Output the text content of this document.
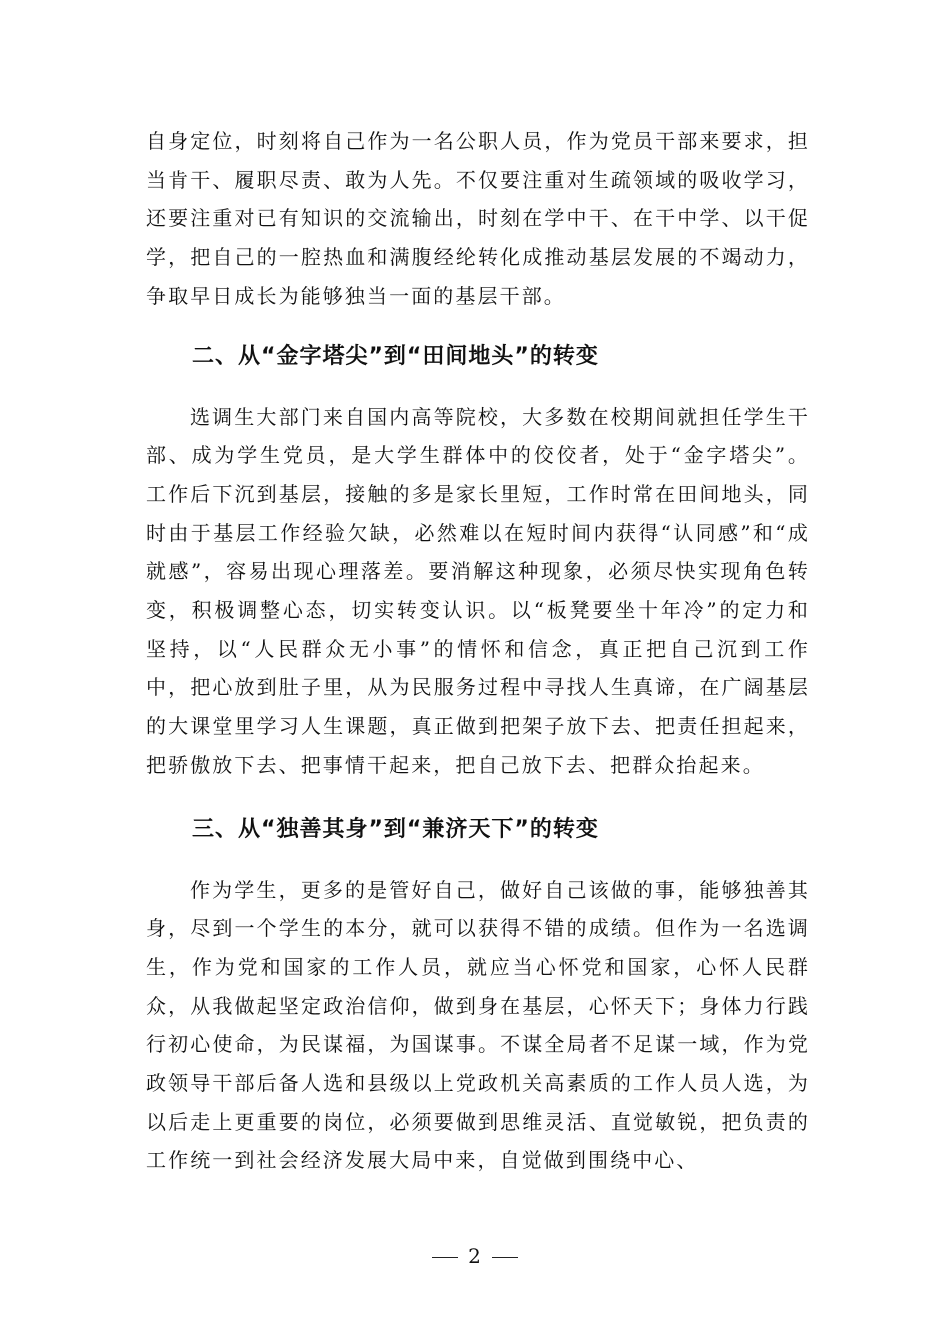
自身定位，时刻将自己作为一名公职人员，作为党员干部来要求，担当肯干、履职尽责、敢为人先。不仅要注重对生疏领域的吸收学习，还要注重对已有知识的交流输出，时刻在学中干、在干中学、以干促学，把自己的一腔热血和满腹经纶转化成推动基层发展的不竭动力，争取早日成长为能够独当一面的基层干部。

二、从“金字塔尖”到“田间地头”的转变

选调生大部门来自国内高等院校，大多数在校期间就担任学生干部、成为学生党员，是大学生群体中的佼佼者，处于“金字塔尖”。工作后下沉到基层，接触的多是家长里短，工作时常在田间地头，同时由于基层工作经验欠缺，必然难以在短时间内获得“认同感”和“成就感”，容易出现心理落差。要消解这种现象，必须尽快实现角色转变，积极调整心态，切实转变认识。以“板凳要坐十年冷”的定力和坚持，以“人民群众无小事”的情怀和信念，真正把自己沉到工作中，把心放到肚子里，从为民服务过程中寻找人生真谛，在广阔基层的大课堂里学习人生课题，真正做到把架子放下去、把责任担起来，把骄傲放下去、把事情干起来，把自己放下去、把群众抬起来。

三、从“独善其身”到“兼济天下”的转变

作为学生，更多的是管好自己，做好自己该做的事，能够独善其身，尽到一个学生的本分，就可以获得不错的成绩。但作为一名选调生，作为党和国家的工作人员，就应当心怀党和国家，心怀人民群众，从我做起坚定政治信仰，做到身在基层，心怀天下；身体力行践行初心使命，为民谋福，为国谋事。不谋全局者不足谋一域，作为党政领导干部后备人选和县级以上党政机关高素质的工作人员人选，为以后走上更重要的岗位，必须要做到思维灵活、直觉敏锐，把负责的工作统一到社会经济发展大局中来，自觉做到围绕中心、

2
